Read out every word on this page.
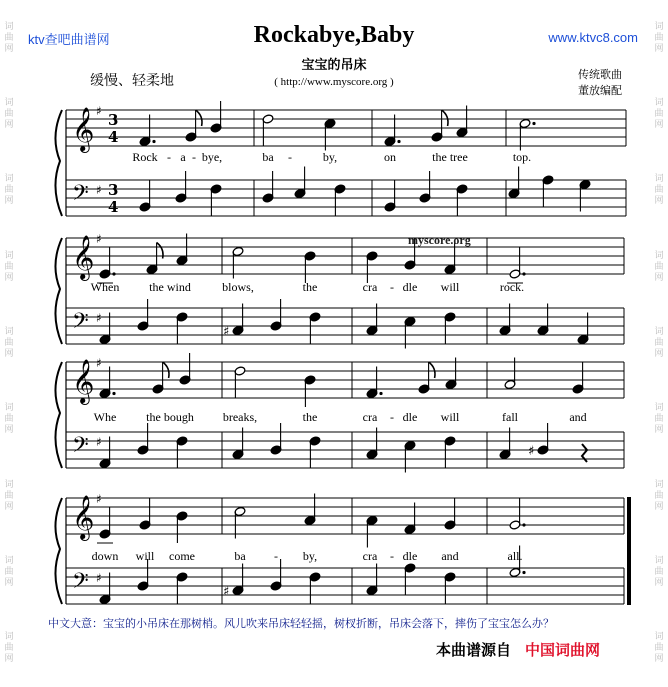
词
曲
网
词
曲
网
词
曲
网
词
曲
网
词
曲
网
词
曲
网
词
曲
网
词
曲
网
词
曲
网
词
曲
网
词
曲
网
词
曲
网
词
曲
网
词
曲
网
词
曲
网
词
曲
网
词
曲
网
词
曲
网
ktv查吧曲谱网	www.ktvc8.com
Rockabye,Baby
宝宝的吊床
( http://www.myscore.org )
缓慢、轻柔地	传统歌曲
董放编配
𝄞
𝄢
♯
♯
3
3
4
4
𝄞
𝄢
♯
♯
♯
𝄞
𝄢
♯
♯
♯
𝄞
𝄢
♯
♯
♯
Rock - a - bye,	ba -	by,	on	the tree	top.
When the wind	blows,	the	cra - dle will	rock.
Whe the bough breaks,	the	cra - dle will	fall	and
down will come	ba - by,	cra - dle and	all.
myscore.org
中文大意：宝宝的小吊床在那树梢。风儿吹来吊床轻轻摇，树杈折断，吊床会落下，摔伤了宝宝怎么办？
本曲谱源自 中国词曲网
